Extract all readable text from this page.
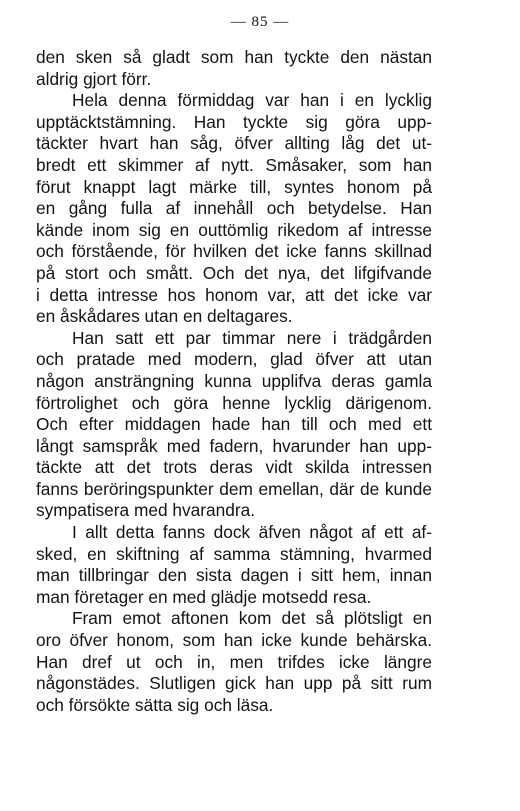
— 85 —
den sken så gladt som han tyckte den nästan
aldrig gjort förr.
Hela denna förmiddag var han i en lycklig
upptäcktstämning. Han tyckte sig göra upp-
täckter hvart han såg, öfver allting låg det ut-
bredt ett skimmer af nytt. Småsaker, som han
förut knappt lagt märke till, syntes honom på
en gång fulla af innehåll och betydelse. Han
kände inom sig en outtömlig rikedom af intresse
och förstående, för hvilken det icke fanns skillnad
på stort och smått. Och det nya, det lifgifvande
i detta intresse hos honom var, att det icke var
en åskådares utan en deltagares.
Han satt ett par timmar nere i trädgården
och pratade med modern, glad öfver att utan
någon ansträngning kunna upplifva deras gamla
förtrolighet och göra henne lycklig därigenom.
Och efter middagen hade han till och med ett
långt samspråk med fadern, hvarunder han upp-
täckte att det trots deras vidt skilda intressen
fanns beröringspunkter dem emellan, där de kunde
sympatisera med hvarandra.
I allt detta fanns dock äfven något af ett af-
sked, en skiftning af samma stämning, hvarmed
man tillbringar den sista dagen i sitt hem, innan
man företager en med glädje motsedd resa.
Fram emot aftonen kom det så plötsligt en
oro öfver honom, som han icke kunde behärska.
Han dref ut och in, men trifdes icke längre
någonstädes. Slutligen gick han upp på sitt rum
och försökte sätta sig och läsa.
